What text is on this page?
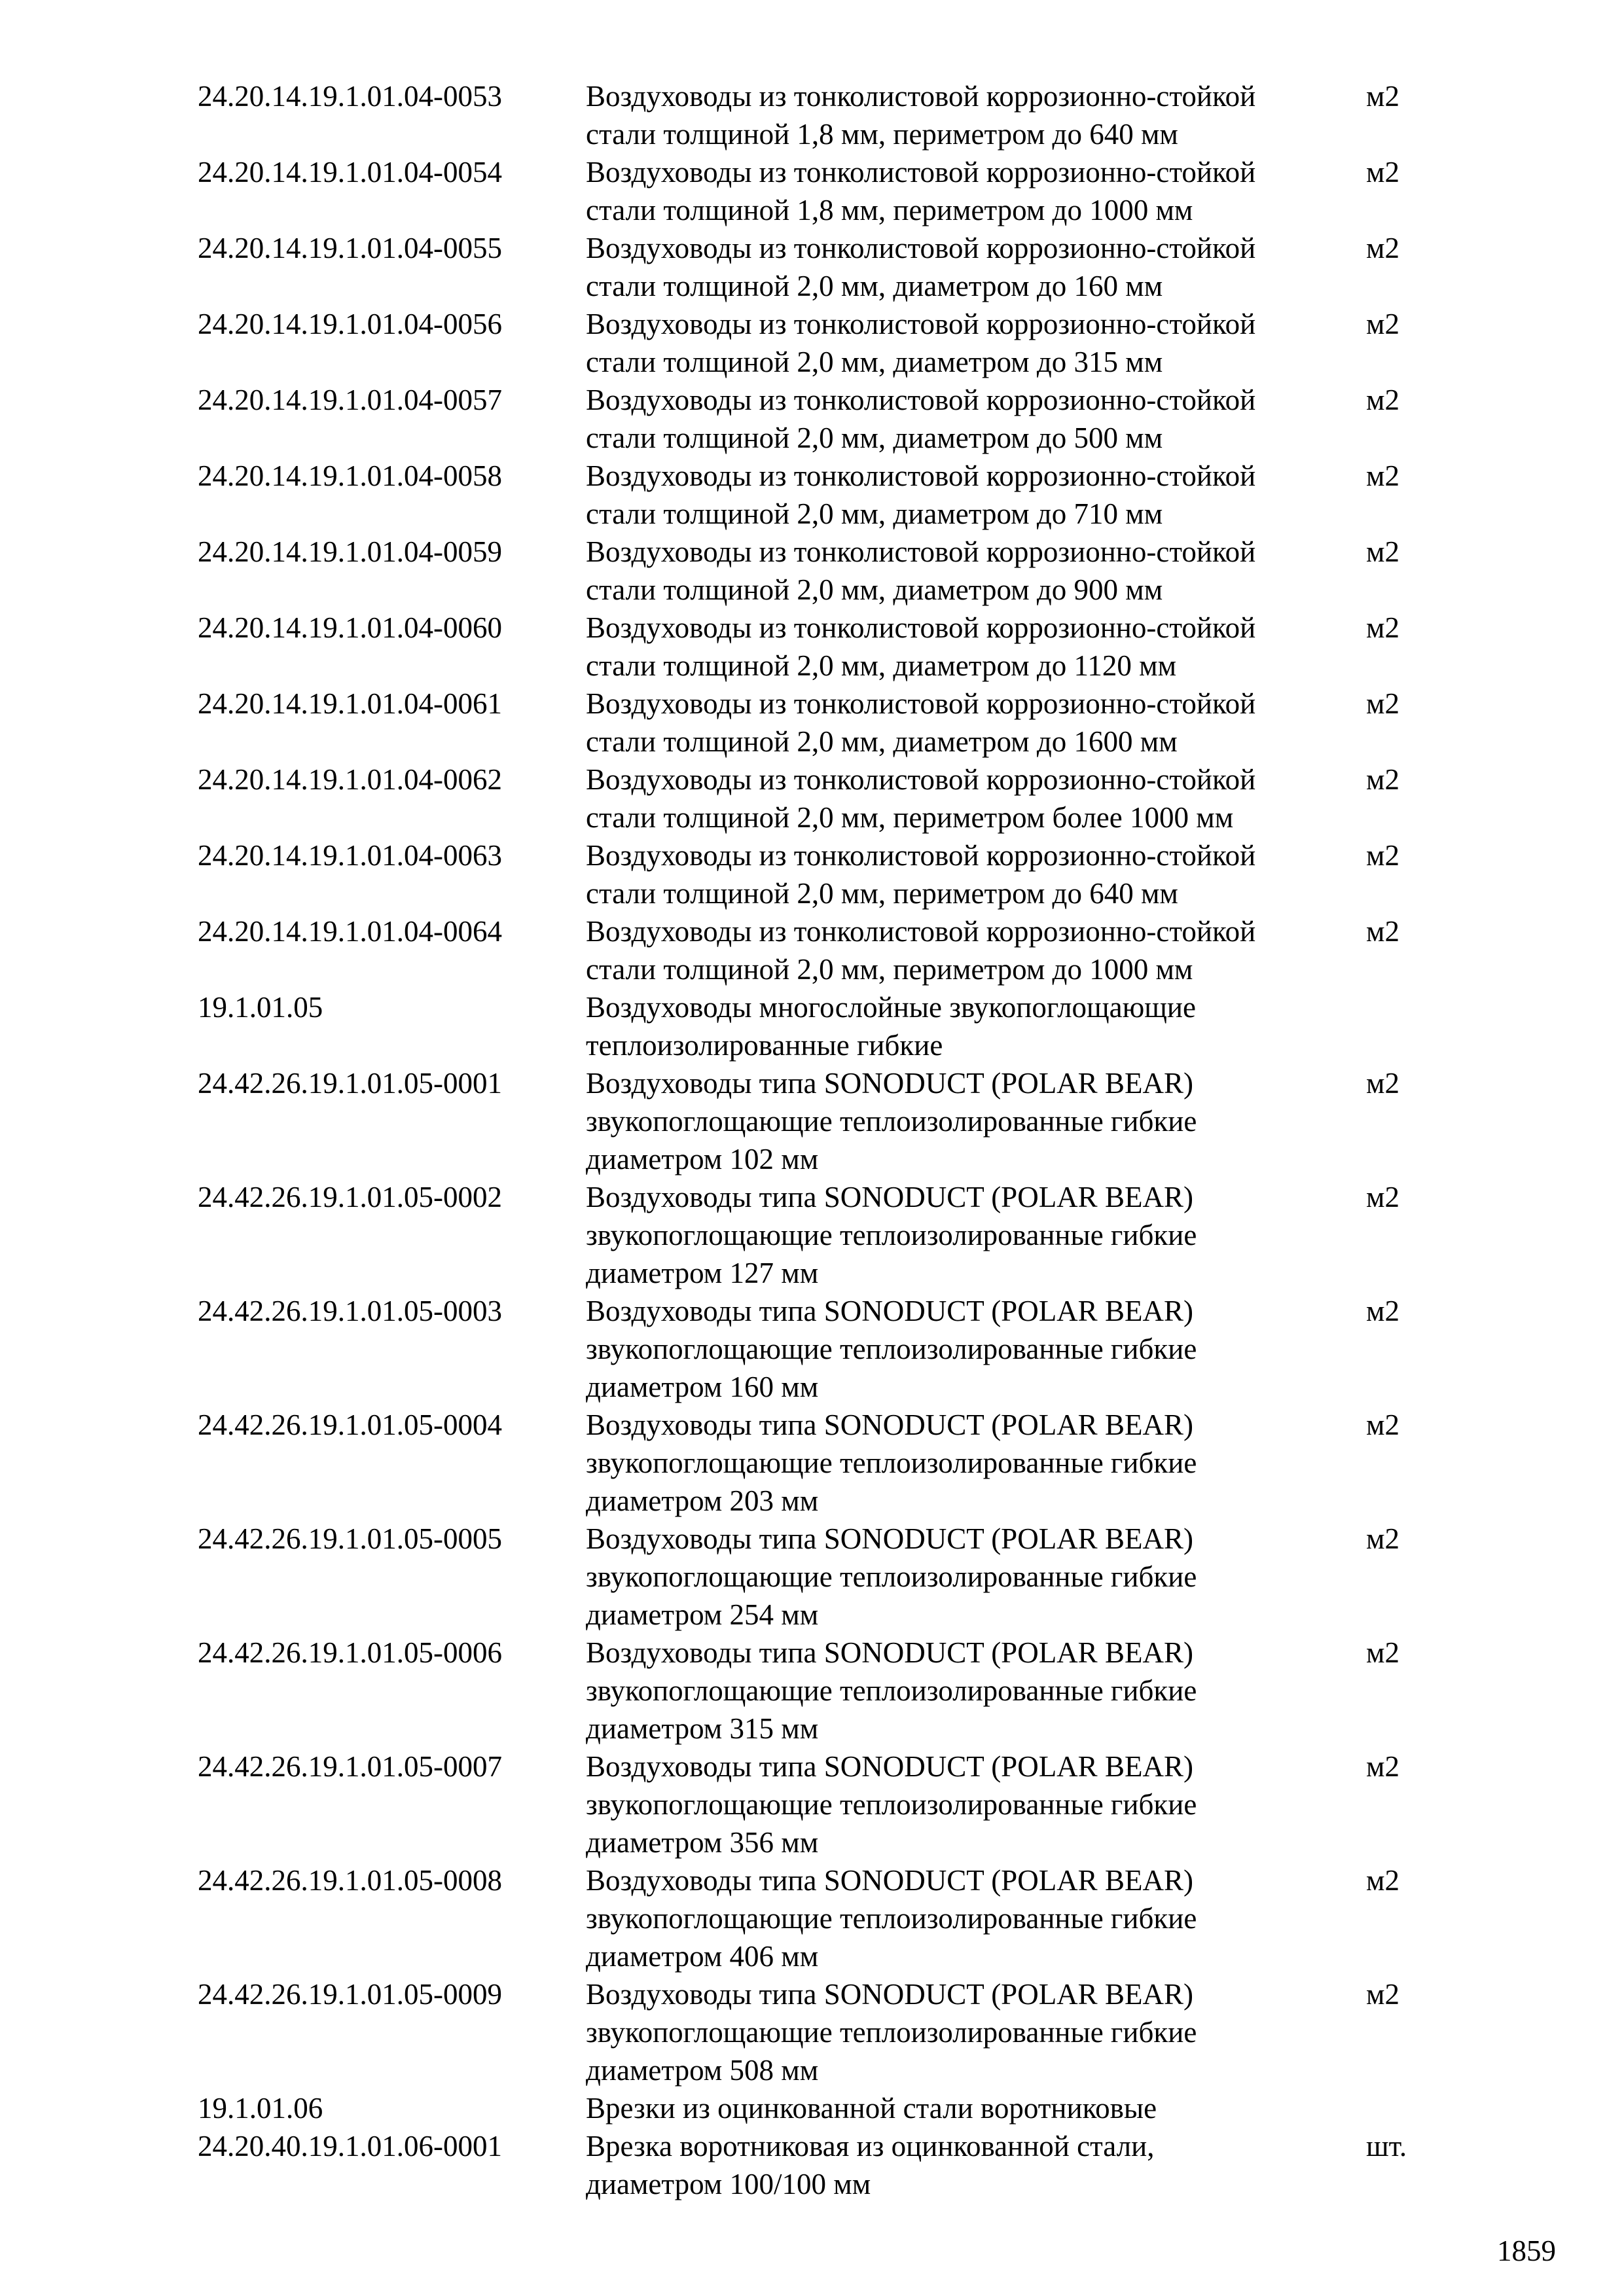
24.20.14.19.1.01.04-0053	Воздуховоды из тонколистовой коррозионно-стойкой
стали толщиной 1,8 мм, периметром до 640 мм
м2
24.20.14.19.1.01.04-0054	Воздуховоды из тонколистовой коррозионно-стойкой
стали толщиной 1,8 мм, периметром до 1000 мм
м2
24.20.14.19.1.01.04-0055	Воздуховоды из тонколистовой коррозионно-стойкой
стали толщиной 2,0 мм, диаметром до 160 мм
м2
24.20.14.19.1.01.04-0056	Воздуховоды из тонколистовой коррозионно-стойкой
стали толщиной 2,0 мм, диаметром до 315 мм
м2
24.20.14.19.1.01.04-0057	Воздуховоды из тонколистовой коррозионно-стойкой
стали толщиной 2,0 мм, диаметром до 500 мм
м2
24.20.14.19.1.01.04-0058	Воздуховоды из тонколистовой коррозионно-стойкой
стали толщиной 2,0 мм, диаметром до 710 мм
м2
24.20.14.19.1.01.04-0059	Воздуховоды из тонколистовой коррозионно-стойкой
стали толщиной 2,0 мм, диаметром до 900 мм
м2
24.20.14.19.1.01.04-0060	Воздуховоды из тонколистовой коррозионно-стойкой
стали толщиной 2,0 мм, диаметром до 1120 мм
м2
24.20.14.19.1.01.04-0061	Воздуховоды из тонколистовой коррозионно-стойкой
стали толщиной 2,0 мм, диаметром до 1600 мм
м2
24.20.14.19.1.01.04-0062	Воздуховоды из тонколистовой коррозионно-стойкой
стали толщиной 2,0 мм, периметром более 1000 мм
м2
24.20.14.19.1.01.04-0063	Воздуховоды из тонколистовой коррозионно-стойкой
стали толщиной 2,0 мм, периметром до 640 мм
м2
24.20.14.19.1.01.04-0064	Воздуховоды из тонколистовой коррозионно-стойкой
стали толщиной 2,0 мм, периметром до 1000 мм
м2
19.1.01.05	Воздуховоды многослойные звукопоглощающие
теплоизолированные гибкие
24.42.26.19.1.01.05-0001	Воздуховоды типа SONODUCT (POLAR BEAR)
звукопоглощающие теплоизолированные гибкие
диаметром 102 мм
м2
24.42.26.19.1.01.05-0002	Воздуховоды типа SONODUCT (POLAR BEAR)
звукопоглощающие теплоизолированные гибкие
диаметром 127 мм
м2
24.42.26.19.1.01.05-0003	Воздуховоды типа SONODUCT (POLAR BEAR)
звукопоглощающие теплоизолированные гибкие
диаметром 160 мм
м2
24.42.26.19.1.01.05-0004	Воздуховоды типа SONODUCT (POLAR BEAR)
звукопоглощающие теплоизолированные гибкие
диаметром 203 мм
м2
24.42.26.19.1.01.05-0005	Воздуховоды типа SONODUCT (POLAR BEAR)
звукопоглощающие теплоизолированные гибкие
диаметром 254 мм
м2
24.42.26.19.1.01.05-0006	Воздуховоды типа SONODUCT (POLAR BEAR)
звукопоглощающие теплоизолированные гибкие
диаметром 315 мм
м2
24.42.26.19.1.01.05-0007	Воздуховоды типа SONODUCT (POLAR BEAR)
звукопоглощающие теплоизолированные гибкие
диаметром 356 мм
м2
24.42.26.19.1.01.05-0008	Воздуховоды типа SONODUCT (POLAR BEAR)
звукопоглощающие теплоизолированные гибкие
диаметром 406 мм
м2
24.42.26.19.1.01.05-0009	Воздуховоды типа SONODUCT (POLAR BEAR)
звукопоглощающие теплоизолированные гибкие
диаметром 508 мм
м2
19.1.01.06	Врезки из оцинкованной стали воротниковые
24.20.40.19.1.01.06-0001	Врезка воротниковая из оцинкованной стали,
диаметром 100/100 мм
шт.
1859
